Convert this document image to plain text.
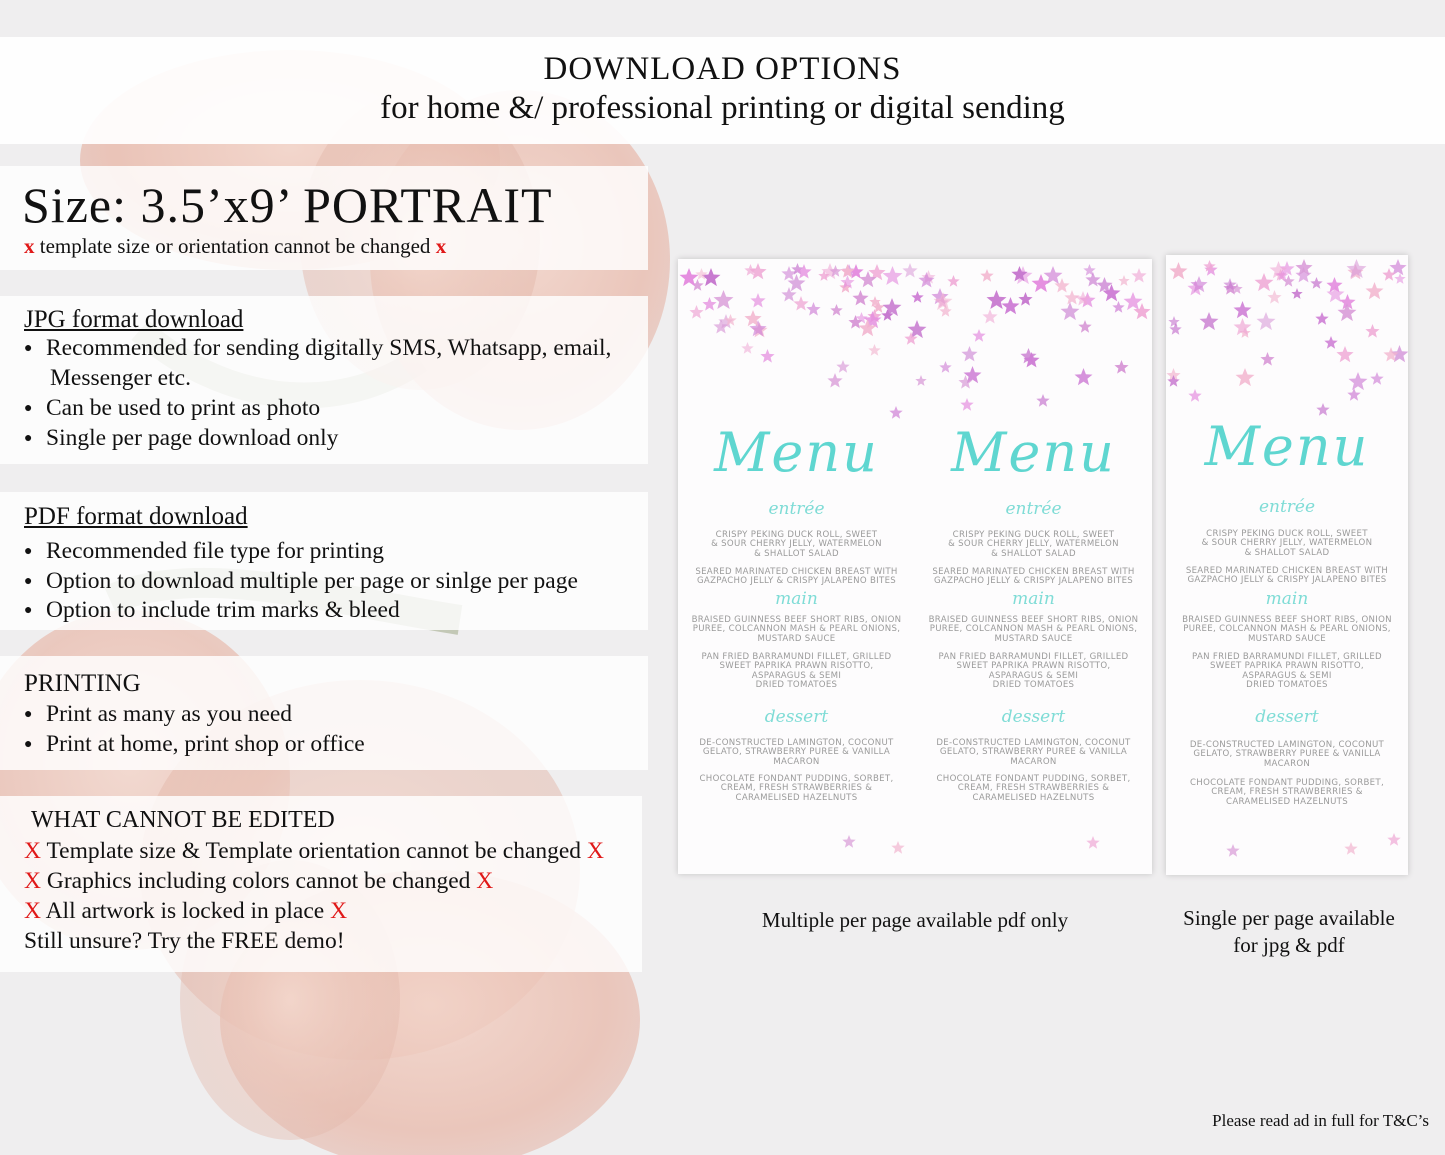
DOWNLOAD OPTIONS
for home &/ professional printing or digital sending
Size: 3.5’x9’ PORTRAIT
x template size or orientation cannot be changed x
JPG format download
● Recommended for sending digitally SMS, Whatsapp, email,
Messenger etc.
● Can be used to print as photo
● Single per page download only
PDF format download
● Recommended file type for printing
● Option to download multiple per page or sinlge per page
● Option to include trim marks & bleed
PRINTING
● Print as many as you need
● Print at home, print shop or office
WHAT CANNOT BE EDITED
X Template size & Template orientation cannot be changed X
X Graphics including colors cannot be changed X
X All artwork is locked in place X
Still unsure? Try the FREE demo!
Menu
entrée
CRISPY PEKING DUCK ROLL, SWEET
& SOUR CHERRY JELLY, WATERMELON
& SHALLOT SALAD
SEARED MARINATED CHICKEN BREAST WITH
GAZPACHO JELLY & CRISPY JALAPENO BITES
main
BRAISED GUINNESS BEEF SHORT RIBS, ONION
PUREE, COLCANNON MASH & PEARL ONIONS,
MUSTARD SAUCE
PAN FRIED BARRAMUNDI FILLET, GRILLED
SWEET PAPRIKA PRAWN RISOTTO,
ASPARAGUS & SEMI
DRIED TOMATOES
dessert
DE-CONSTRUCTED LAMINGTON, COCONUT
GELATO, STRAWBERRY PUREE & VANILLA
MACARON
CHOCOLATE FONDANT PUDDING, SORBET,
CREAM, FRESH STRAWBERRIES &
CARAMELISED HAZELNUTS
Menu
entrée
CRISPY PEKING DUCK ROLL, SWEET
& SOUR CHERRY JELLY, WATERMELON
& SHALLOT SALAD
SEARED MARINATED CHICKEN BREAST WITH
GAZPACHO JELLY & CRISPY JALAPENO BITES
main
BRAISED GUINNESS BEEF SHORT RIBS, ONION
PUREE, COLCANNON MASH & PEARL ONIONS,
MUSTARD SAUCE
PAN FRIED BARRAMUNDI FILLET, GRILLED
SWEET PAPRIKA PRAWN RISOTTO,
ASPARAGUS & SEMI
DRIED TOMATOES
dessert
DE-CONSTRUCTED LAMINGTON, COCONUT
GELATO, STRAWBERRY PUREE & VANILLA
MACARON
CHOCOLATE FONDANT PUDDING, SORBET,
CREAM, FRESH STRAWBERRIES &
CARAMELISED HAZELNUTS
Menu
entrée
CRISPY PEKING DUCK ROLL, SWEET
& SOUR CHERRY JELLY, WATERMELON
& SHALLOT SALAD
SEARED MARINATED CHICKEN BREAST WITH
GAZPACHO JELLY & CRISPY JALAPENO BITES
main
BRAISED GUINNESS BEEF SHORT RIBS, ONION
PUREE, COLCANNON MASH & PEARL ONIONS,
MUSTARD SAUCE
PAN FRIED BARRAMUNDI FILLET, GRILLED
SWEET PAPRIKA PRAWN RISOTTO,
ASPARAGUS & SEMI
DRIED TOMATOES
dessert
DE-CONSTRUCTED LAMINGTON, COCONUT
GELATO, STRAWBERRY PUREE & VANILLA
MACARON
CHOCOLATE FONDANT PUDDING, SORBET,
CREAM, FRESH STRAWBERRIES &
CARAMELISED HAZELNUTS
Multiple per page available pdf only	Single per page available
for jpg & pdf
Please read ad in full for T&C’s
